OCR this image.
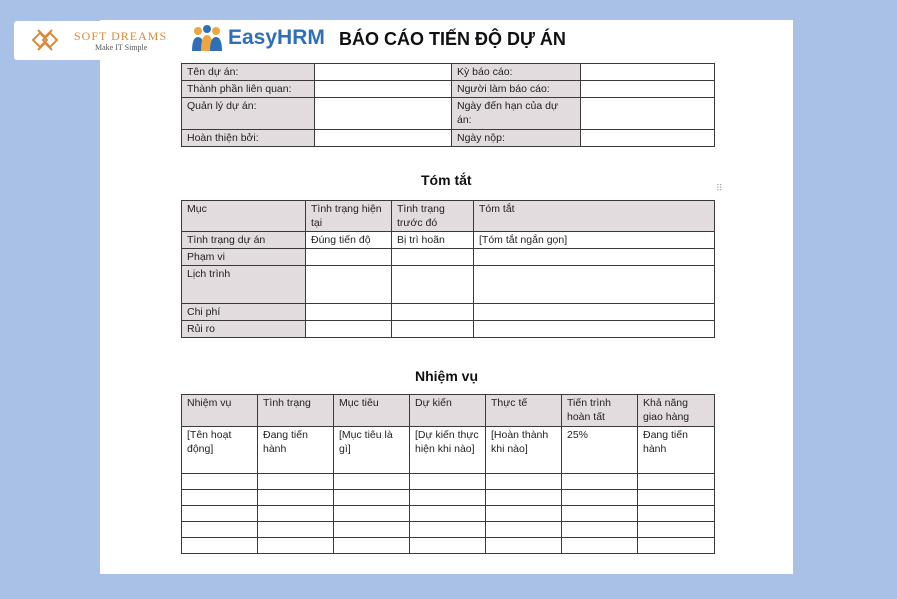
SOFT DREAMS
Make IT Simple	EasyHRM BÁO CÁO TIẾN ĐỘ DỰ ÁN
Tên dự án:		Kỳ báo cáo:	
Thành phần liên quan:		Người làm báo cáo:	
Quản lý dự án:		Ngày đến hạn của dự án:	
Hoàn thiện bởi:		Ngày nộp:	
Tóm tắt	⠿
Mục	Tình trạng hiện tại	Tình trạng trước đó	Tóm tắt
Tình trạng dự án	Đúng tiến độ	Bị trì hoãn	[Tóm tắt ngắn gọn]
Phạm vi			
Lịch trình			
Chi phí			
Rủi ro			
Nhiệm vụ
Nhiệm vụ	Tình trạng	Mục tiêu	Dự kiến	Thực tế	Tiến trình hoàn tất	Khả năng giao hàng
[Tên hoạt động]	Đang tiến hành	[Mục tiêu là gì]	[Dự kiến thực hiện khi nào]	[Hoàn thành khi nào]	25%	Đang tiến hành
